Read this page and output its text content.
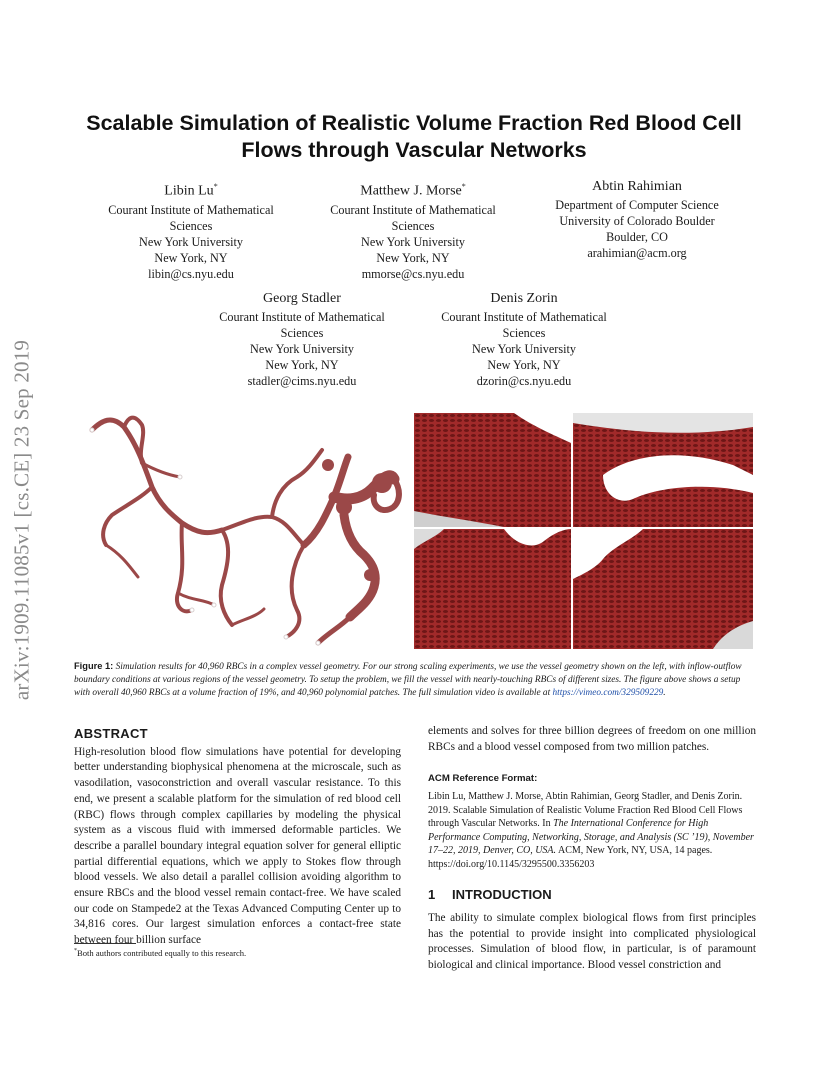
arXiv:1909.11085v1 [cs.CE] 23 Sep 2019
Scalable Simulation of Realistic Volume Fraction Red Blood Cell
Flows through Vascular Networks
Libin Lu*
Courant Institute of Mathematical
Sciences
New York University
New York, NY
libin@cs.nyu.edu
Matthew J. Morse*
Courant Institute of Mathematical
Sciences
New York University
New York, NY
mmorse@cs.nyu.edu
Abtin Rahimian
Department of Computer Science
University of Colorado Boulder
Boulder, CO
arahimian@acm.org
Georg Stadler
Courant Institute of Mathematical
Sciences
New York University
New York, NY
stadler@cims.nyu.edu
Denis Zorin
Courant Institute of Mathematical
Sciences
New York University
New York, NY
dzorin@cs.nyu.edu
Figure 1: Simulation results for 40,960 RBCs in a complex vessel geometry. For our strong scaling experiments, we use the vessel geometry shown on the left, with inflow-outflow boundary conditions at various regions of the vessel geometry. To setup the problem, we fill the vessel with nearly-touching RBCs of different sizes. The figure above shows a setup with overall 40,960 RBCs at a volume fraction of 19%, and 40,960 polynomial patches. The full simulation video is available at https://vimeo.com/329509229.
ABSTRACT
High-resolution blood flow simulations have potential for developing better understanding biophysical phenomena at the microscale, such as vasodilation, vasoconstriction and overall vascular resistance. To this end, we present a scalable platform for the simulation of red blood cell (RBC) flows through complex capillaries by modeling the physical system as a viscous fluid with immersed deformable particles. We describe a parallel boundary integral equation solver for general elliptic partial differential equations, which we apply to Stokes flow through blood vessels. We also detail a parallel collision avoiding algorithm to ensure RBCs and the blood vessel remain contact-free. We have scaled our code on Stampede2 at the Texas Advanced Computing Center up to 34,816 cores. Our largest simulation enforces a contact-free state between four billion surface
elements and solves for three billion degrees of freedom on one million RBCs and a blood vessel composed from two million patches.
ACM Reference Format:
Libin Lu, Matthew J. Morse, Abtin Rahimian, Georg Stadler, and Denis Zorin. 2019. Scalable Simulation of Realistic Volume Fraction Red Blood Cell Flows through Vascular Networks. In The International Conference for High Performance Computing, Networking, Storage, and Analysis (SC ’19), November 17–22, 2019, Denver, CO, USA. ACM, New York, NY, USA, 14 pages. https://doi.org/10.1145/3295500.3356203
1 INTRODUCTION
The ability to simulate complex biological flows from first principles has the potential to provide insight into complicated physiological processes. Simulation of blood flow, in particular, is of paramount biological and clinical importance. Blood vessel constriction and
*Both authors contributed equally to this research.
